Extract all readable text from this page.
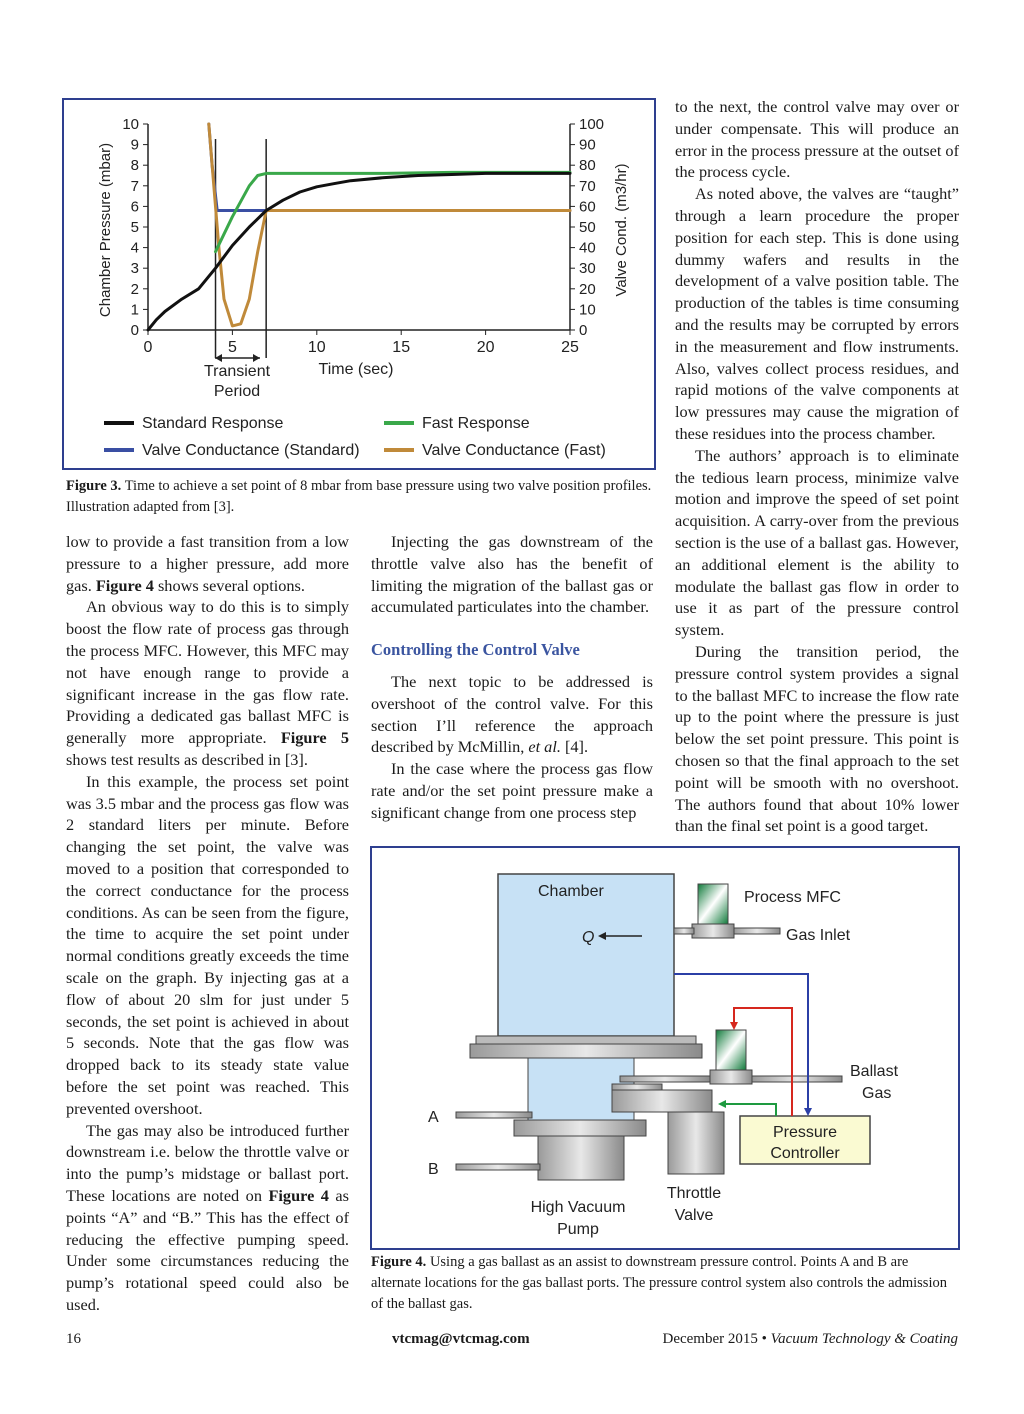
0	5	10	15	20	25
0
1
2
3
4
5
6
7
8
9
10
0
10
20
30
40
50
60
70
80
90
100
Chamber Pressure (mbar)	Valve Cond. (m3/hr)
Time (sec)
Transient
Period
Standard Response	Fast Response
Valve Conductance (Standard)	Valve Conductance (Fast)
Figure 3. Time to achieve a set point of 8 mbar from base pressure using two valve position profiles. Illustration adapted from [3].

low to provide a fast transition from a low pressure to a higher pressure, add more gas. Figure 4 shows several options.

An obvious way to do this is to simply boost the flow rate of process gas through the process MFC. However, this MFC may not have enough range to provide a significant increase in the gas flow rate. Providing a dedicated gas ballast MFC is generally more appropriate. Figure 5 shows test results as described in [3].

In this example, the process set point was 3.5 mbar and the process gas flow was 2 standard liters per minute. Before changing the set point, the valve was moved to a position that corresponded to the correct conductance for the process conditions. As can be seen from the figure, the time to acquire the set point under normal conditions greatly exceeds the time scale on the graph. By injecting gas at a flow of about 20 slm for just under 5 seconds, the set point is achieved in about 5 seconds. Note that the gas flow was dropped back to its steady state value before the set point was reached. This prevented overshoot.

The gas may also be introduced further downstream i.e. below the throttle valve or into the pump’s midstage or ballast port. These locations are noted on Figure 4 as points “A” and “B.” This has the effect of reducing the effective pumping speed. Under some circumstances reducing the pump’s rotational speed could also be used.

Injecting the gas downstream of the throttle valve also has the benefit of limiting the migration of the ballast gas or accumulated particulates into the chamber.

Controlling the Control Valve

The next topic to be addressed is overshoot of the control valve. For this section I’ll reference the approach described by McMillin, et al. [4].

In the case where the process gas flow rate and/or the set point pressure make a significant change from one process step

to the next, the control valve may over or under compensate. This will produce an error in the process pressure at the outset of the process cycle.

As noted above, the valves are “taught” through a learn procedure the proper position for each step. This is done using dummy wafers and results in the development of a valve position table. The production of the tables is time consuming and the results may be corrupted by errors in the measurement and flow instruments. Also, valves collect process residues, and rapid motions of the valve components at low pressures may cause the migration of these residues into the process chamber.

The authors’ approach is to eliminate the tedious learn process, minimize valve motion and improve the speed of set point acquisition. A carry-over from the previous section is the use of a ballast gas. However, an additional element is the ability to modulate the ballast gas flow in order to use it as part of the pressure control system.

During the transition period, the pressure control system provides a signal to the ballast MFC to increase the flow rate up to the point where the pressure is just below the set point pressure. This point is chosen so that the final approach to the set point will be smooth with no overshoot. The authors found that about 10% lower than the final set point is a good target.

Chamber
Q
Process MFC
Gas Inlet
Ballast
Gas
Pressure
Controller
A
B
Throttle
Valve
High Vacuum
Pump
Figure 4. Using a gas ballast as an assist to downstream pressure control. Points A and B are alternate locations for the gas ballast ports. The pressure control system also controls the admission of the ballast gas.
16	vtcmag@vtcmag.com	December 2015 • Vacuum Technology & Coating
